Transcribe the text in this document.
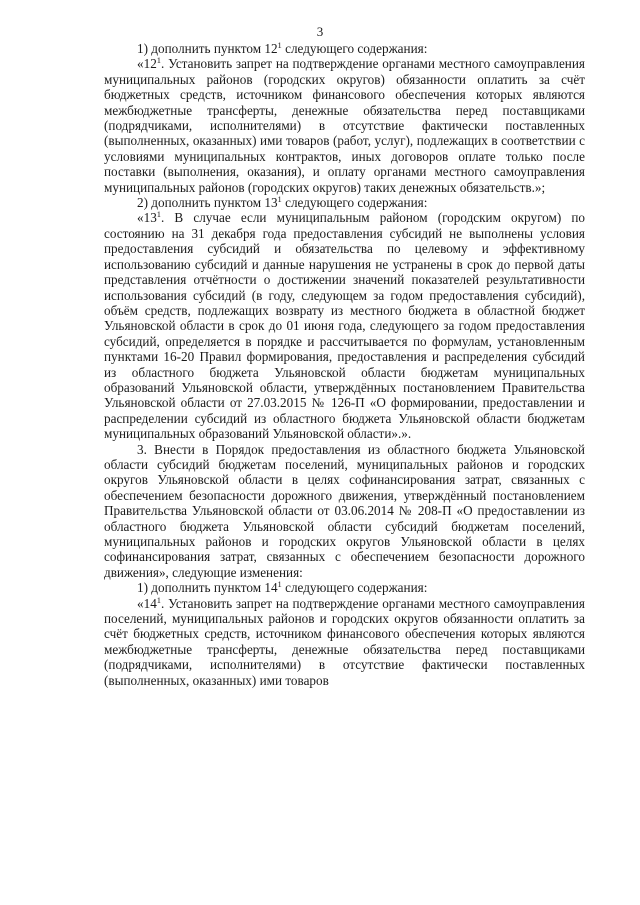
3

1) дополнить пунктом $12^1$ следующего содержания:

«$12^1$. Установить запрет на подтверждение органами местного самоуправления муниципальных районов (городских округов) обязанности оплатить за счёт бюджетных средств, источником финансового обеспечения которых являются межбюджетные трансферты, денежные обязательства перед поставщиками (подрядчиками, исполнителями) в отсутствие фактически поставленных (выполненных, оказанных) ими товаров (работ, услуг), подлежащих в соответствии с условиями муниципальных контрактов, иных договоров оплате только после поставки (выполнения, оказания), и оплату органами местного самоуправления муниципальных районов (городских округов) таких денежных обязательств.»;

2) дополнить пунктом $13^1$ следующего содержания:

«$13^1$. В случае если муниципальным районом (городским округом) по состоянию на 31 декабря года предоставления субсидий не выполнены условия предоставления субсидий и обязательства по целевому и эффективному использованию субсидий и данные нарушения не устранены в срок до первой даты представления отчётности о достижении значений показателей результативности использования субсидий (в году, следующем за годом предоставления субсидий), объём средств, подлежащих возврату из местного бюджета в областной бюджет Ульяновской области в срок до 01 июня года, следующего за годом предоставления субсидий, определяется в порядке и рассчитывается по формулам, установленным пунктами 16-20 Правил формирования, предоставления и распределения субсидий из областного бюджета Ульяновской области бюджетам муниципальных образований Ульяновской области, утверждённых постановлением Правительства Ульяновской области от 27.03.2015 № 126-П «О формировании, предоставлении и распределении субсидий из областного бюджета Ульяновской области бюджетам муниципальных образований Ульяновской области».».

3. Внести в Порядок предоставления из областного бюджета Ульяновской области субсидий бюджетам поселений, муниципальных районов и городских округов Ульяновской области в целях софинансирования затрат, связанных с обеспечением безопасности дорожного движения, утверждённый постановлением Правительства Ульяновской области от 03.06.2014 № 208-П «О предоставлении из областного бюджета Ульяновской области субсидий бюджетам поселений, муниципальных районов и городских округов Ульяновской области в целях софинансирования затрат, связанных с обеспечением безопасности дорожного движения», следующие изменения:

1) дополнить пунктом $14^1$ следующего содержания:

«$14^1$. Установить запрет на подтверждение органами местного самоуправления поселений, муниципальных районов и городских округов обязанности оплатить за счёт бюджетных средств, источником финансового обеспечения которых являются межбюджетные трансферты, денежные обязательства перед поставщиками (подрядчиками, исполнителями) в отсутствие фактически поставленных (выполненных, оказанных) ими товаров
